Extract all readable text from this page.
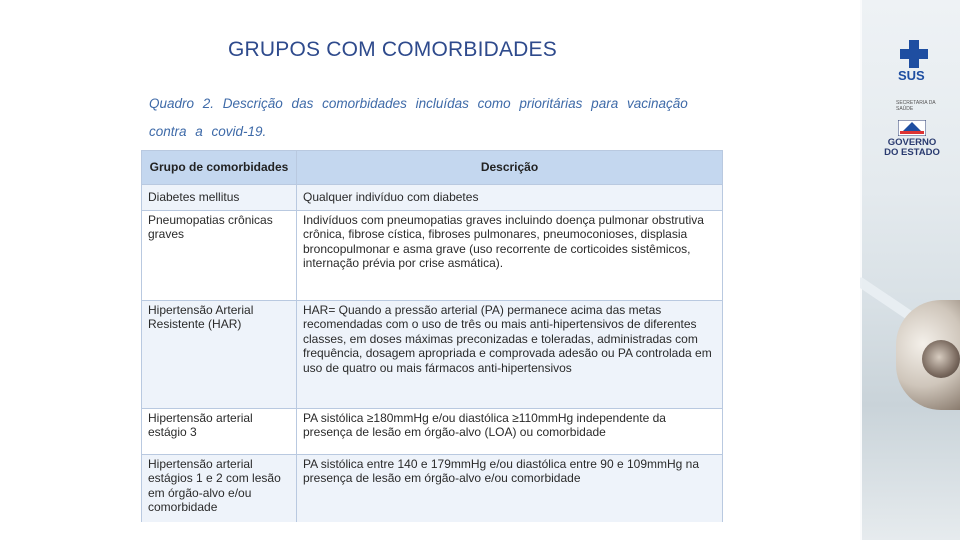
GRUPOS COM COMORBIDADES
Quadro 2. Descrição das comorbidades incluídas como prioritárias para vacinação contra a covid-19.
Grupo de comorbidades	Descrição
Diabetes mellitus	Qualquer indivíduo com diabetes
Pneumopatias crônicas graves	Indivíduos com pneumopatias graves incluindo doença pulmonar obstrutiva crônica, fibrose cística, fibroses pulmonares, pneumoconioses, displasia broncopulmonar e asma grave (uso recorrente de corticoides sistêmicos, internação prévia por crise asmática).
Hipertensão Arterial Resistente (HAR)	HAR= Quando a pressão arterial (PA) permanece acima das metas recomendadas com o uso de três ou mais anti-hipertensivos de diferentes classes, em doses máximas preconizadas e toleradas, administradas com frequência, dosagem apropriada e comprovada adesão ou PA controlada em uso de quatro ou mais fármacos anti-hipertensivos
Hipertensão arterial estágio 3	PA sistólica ≥180mmHg e/ou diastólica ≥110mmHg independente da presença de lesão em órgão-alvo (LOA) ou comorbidade
Hipertensão arterial estágios 1 e 2 com lesão em órgão-alvo e/ou comorbidade	PA sistólica entre 140 e 179mmHg e/ou diastólica entre 90 e 109mmHg na presença de lesão em órgão-alvo e/ou comorbidade
SUS
SECRETARIA DA SAÚDE
GOVERNO DO ESTADO
